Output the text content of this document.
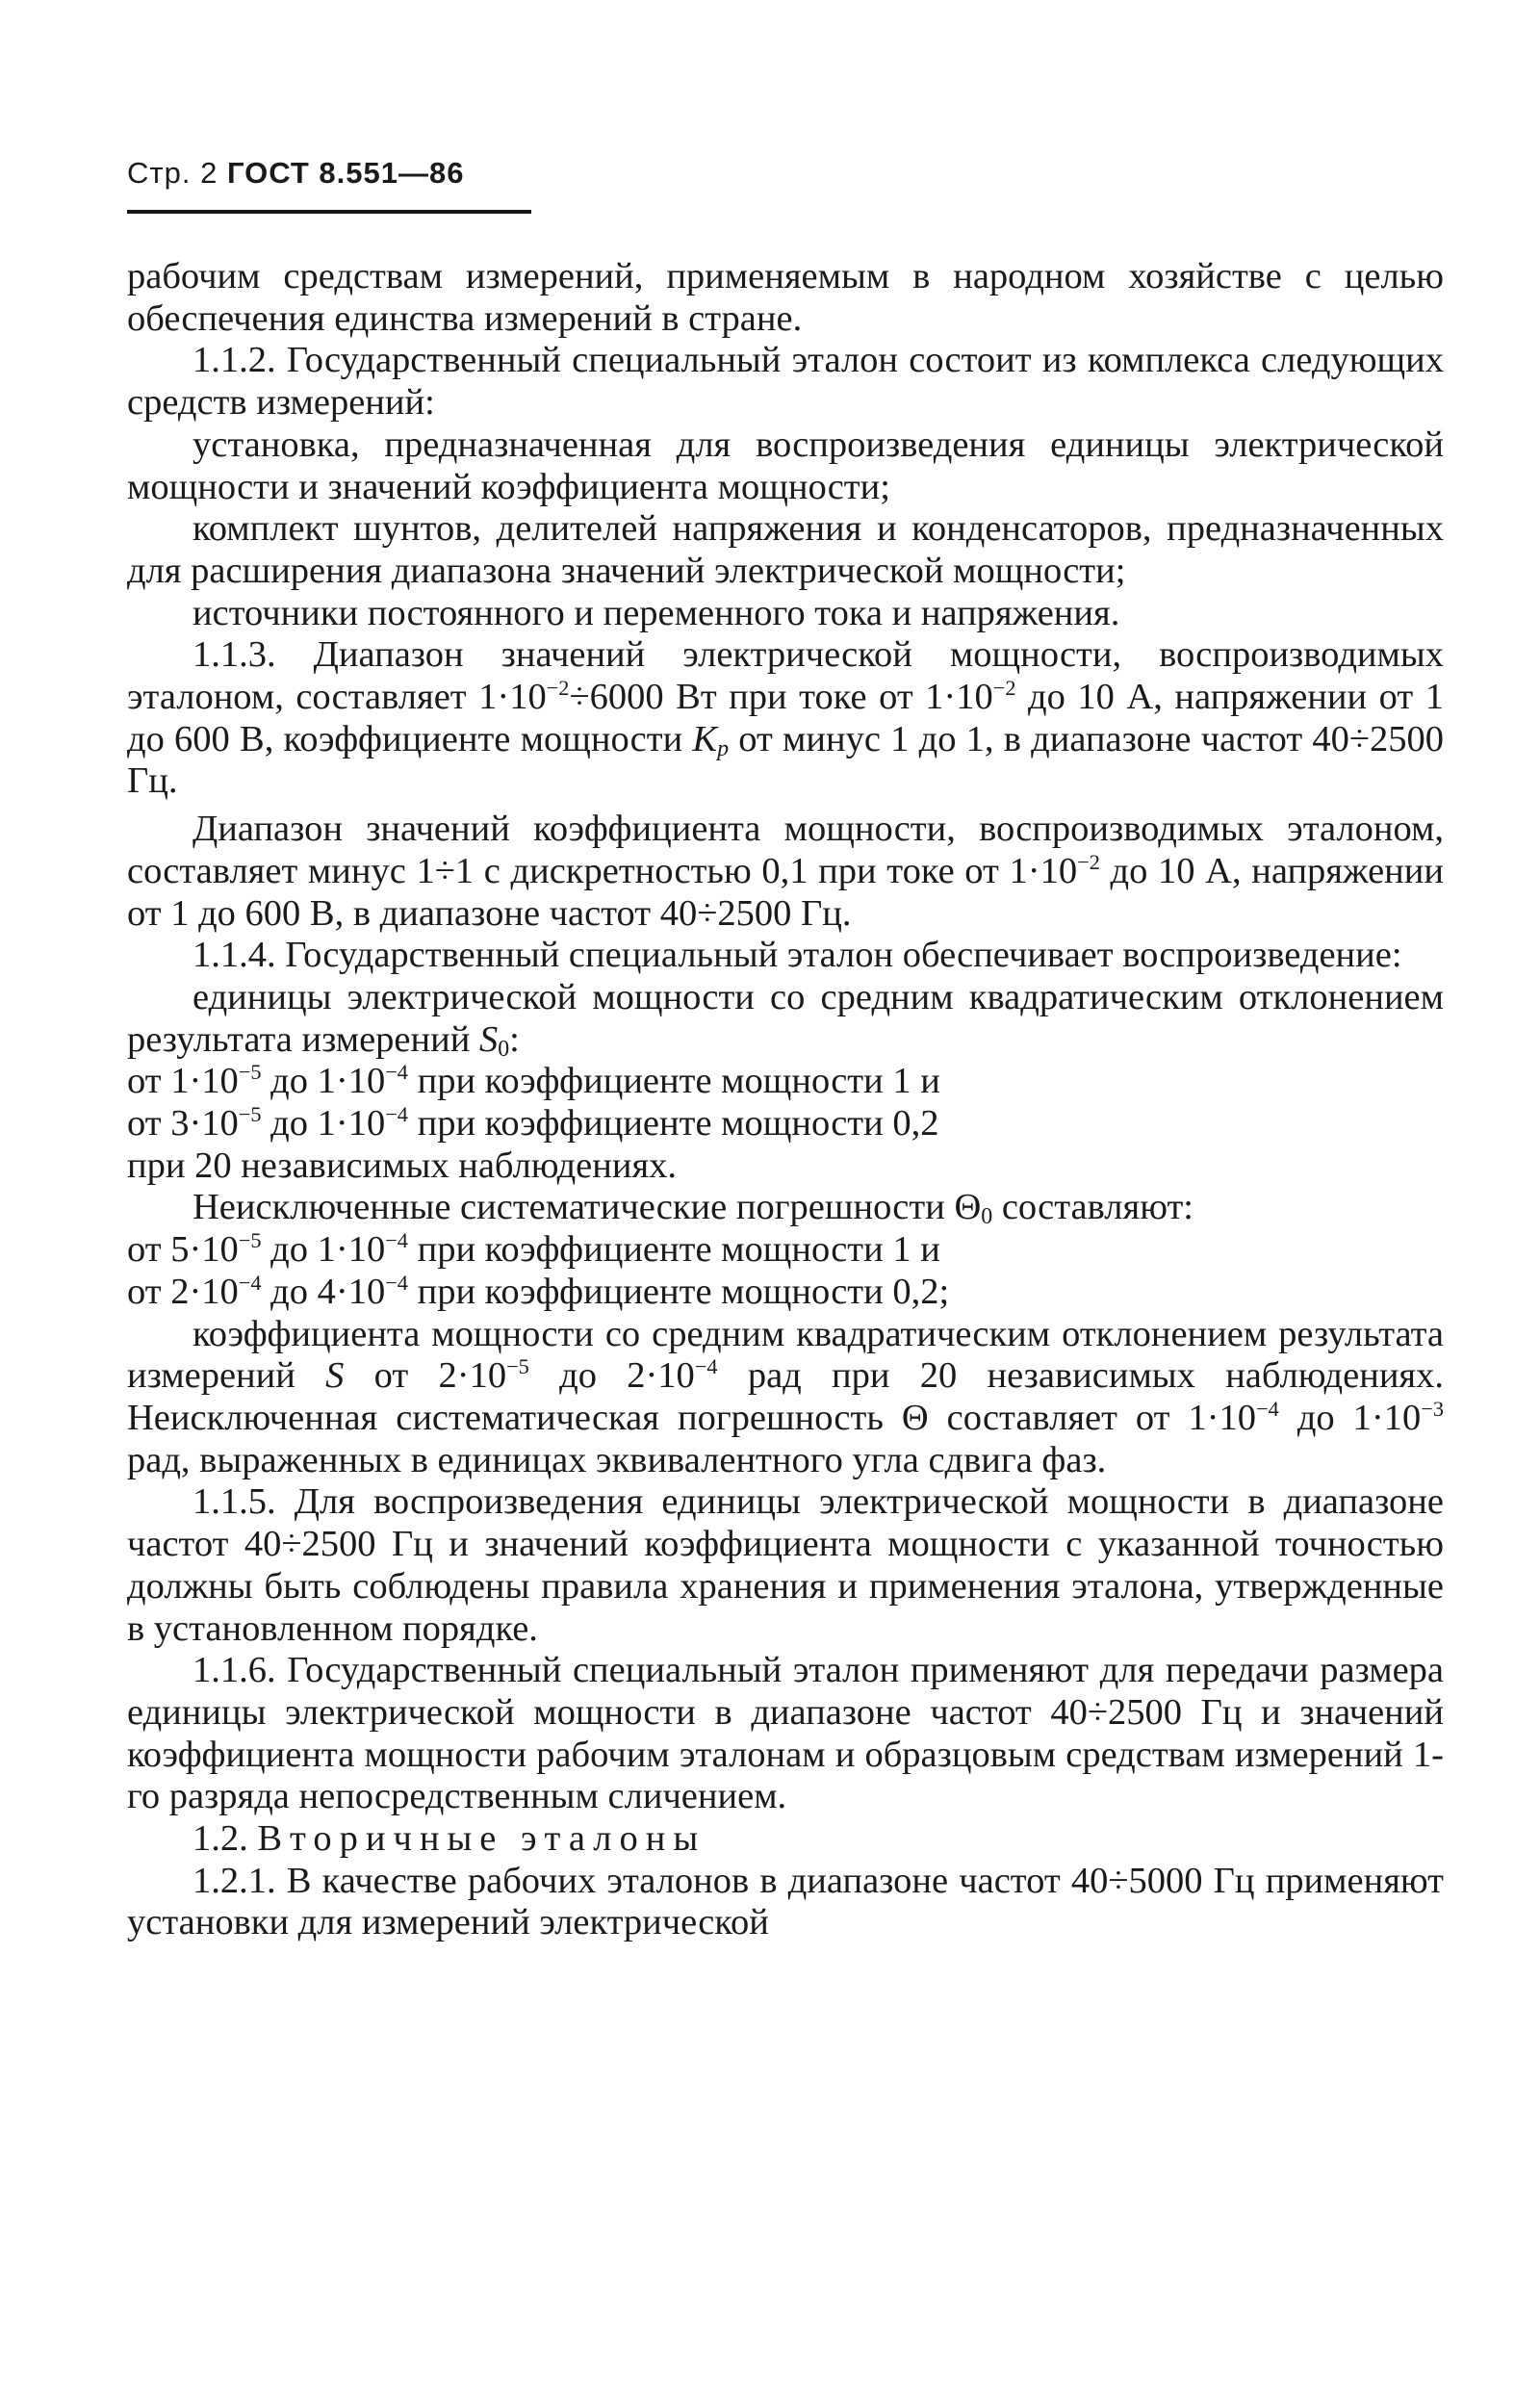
Стр. 2 ГОСТ 8.551—86

рабочим средствам измерений, применяемым в народном хозяйстве с целью обеспечения единства измерений в стране.

1.1.2. Государственный специальный эталон состоит из комплекса следующих средств измерений:

установка, предназначенная для воспроизведения единицы электрической мощности и значений коэффициента мощности;

комплект шунтов, делителей напряжения и конденсаторов, предназначенных для расширения диапазона значений электрической мощности;

источники постоянного и переменного тока и напряжения.

1.1.3. Диапазон значений электрической мощности, воспроизводимых эталоном, составляет $1\cdot 10^{-2}\div 6000$ Вт при токе от $1\cdot 10^{-2}$ до 10 А, напряжении от 1 до 600 В, коэффициенте мощности $K_p$ от минус 1 до 1, в диапазоне частот 40÷2500 Гц.

Диапазон значений коэффициента мощности, воспроизводимых эталоном, составляет минус 1÷1 с дискретностью 0,1 при токе от $1\cdot 10^{-2}$ до 10 А, напряжении от 1 до 600 В, в диапазоне частот 40÷2500 Гц.

1.1.4. Государственный специальный эталон обеспечивает воспроизведение:

единицы электрической мощности со средним квадратическим отклонением результата измерений $S_0$:
от $1\cdot 10^{-5}$ до $1\cdot 10^{-4}$ при коэффициенте мощности 1 и
от $3\cdot 10^{-5}$ до $1\cdot 10^{-4}$ при коэффициенте мощности 0,2
при 20 независимых наблюдениях.

Неисключенные систематические погрешности $\Theta_0$ составляют:
от $5\cdot 10^{-5}$ до $1\cdot 10^{-4}$ при коэффициенте мощности 1 и
от $2\cdot 10^{-4}$ до $4\cdot 10^{-4}$ при коэффициенте мощности 0,2;

коэффициента мощности со средним квадратическим отклонением результата измерений S от $2\cdot 10^{-5}$ до $2\cdot 10^{-4}$ рад при 20 независимых наблюдениях. Неисключенная систематическая погрешность Θ составляет от $1\cdot 10^{-4}$ до $1\cdot 10^{-3}$ рад, выраженных в единицах эквивалентного угла сдвига фаз.

1.1.5. Для воспроизведения единицы электрической мощности в диапазоне частот 40÷2500 Гц и значений коэффициента мощности с указанной точностью должны быть соблюдены правила хранения и применения эталона, утвержденные в установленном порядке.

1.1.6. Государственный специальный эталон применяют для передачи размера единицы электрической мощности в диапазоне частот 40÷2500 Гц и значений коэффициента мощности рабочим эталонам и образцовым средствам измерений 1-го разряда непосредственным сличением.

1.2. Вторичные эталоны

1.2.1. В качестве рабочих эталонов в диапазоне частот 40÷5000 Гц применяют установки для измерений электрической
